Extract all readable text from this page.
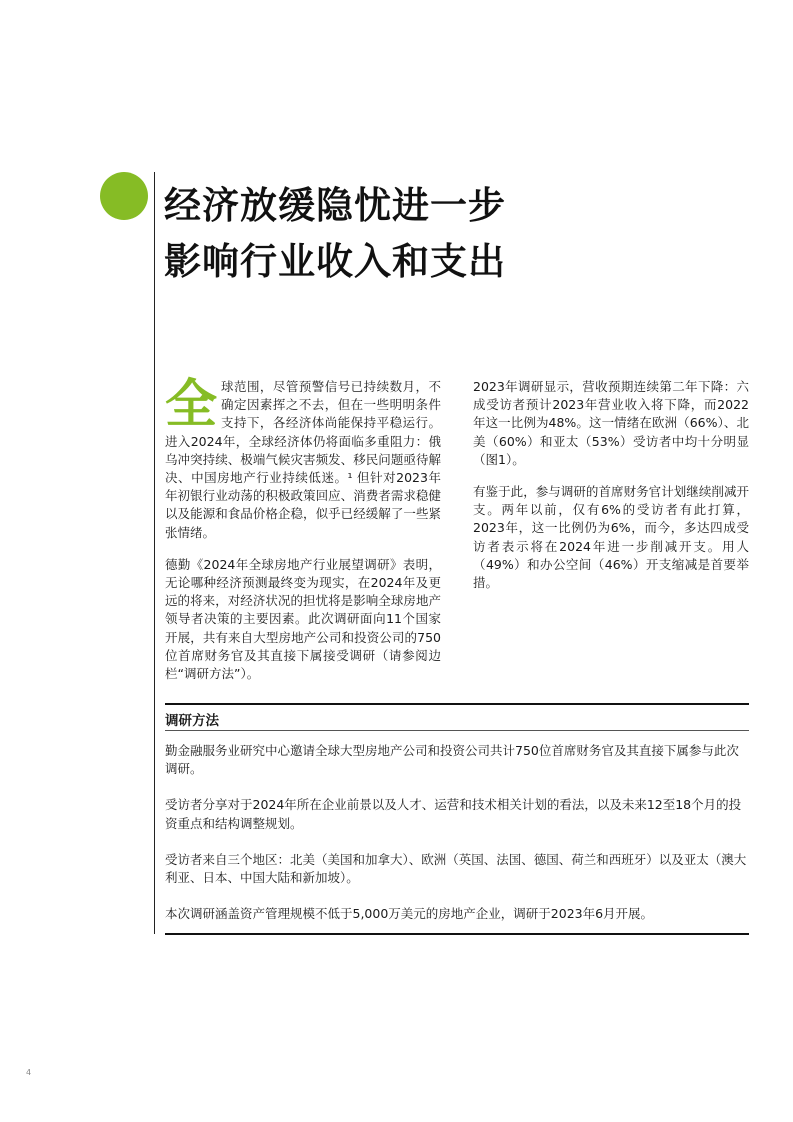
经济放缓隐忧进一步
影响行业收入和支出

全球范围，尽管预警信号已持续数月，不确定因素挥之不去，但在一些明明条件支持下，各经济体尚能保持平稳运行。进入2024年，全球经济体仍将面临多重阻力：俄乌冲突持续、极端气候灾害频发、移民问题亟待解决、中国房地产行业持续低迷。¹ 但针对2023年年初银行业动荡的积极政策回应、消费者需求稳健以及能源和食品价格企稳，似乎已经缓解了一些紧张情绪。

德勤《2024年全球房地产行业展望调研》表明，无论哪种经济预测最终变为现实，在2024年及更远的将来，对经济状况的担忧将是影响全球房地产领导者决策的主要因素。此次调研面向11个国家开展，共有来自大型房地产公司和投资公司的750位首席财务官及其直接下属接受调研（请参阅边栏“调研方法”）。

2023年调研显示，营收预期连续第二年下降：六成受访者预计2023年营业收入将下降，而2022年这一比例为48%。这一情绪在欧洲（66%）、北美（60%）和亚太（53%）受访者中均十分明显（图1）。

有鉴于此，参与调研的首席财务官计划继续削减开支。两年以前，仅有6%的受访者有此打算，2023年，这一比例仍为6%，而今，多达四成受访者表示将在2024年进一步削减开支。用人（49%）和办公空间（46%）开支缩减是首要举措。

调研方法

勤金融服务业研究中心邀请全球大型房地产公司和投资公司共计750位首席财务官及其直接下属参与此次调研。

受访者分享对于2024年所在企业前景以及人才、运营和技术相关计划的看法，以及未来12至18个月的投资重点和结构调整规划。

受访者来自三个地区：北美（美国和加拿大）、欧洲（英国、法国、德国、荷兰和西班牙）以及亚太（澳大利亚、日本、中国大陆和新加坡）。

本次调研涵盖资产管理规模不低于5,000万美元的房地产企业，调研于2023年6月开展。

4
